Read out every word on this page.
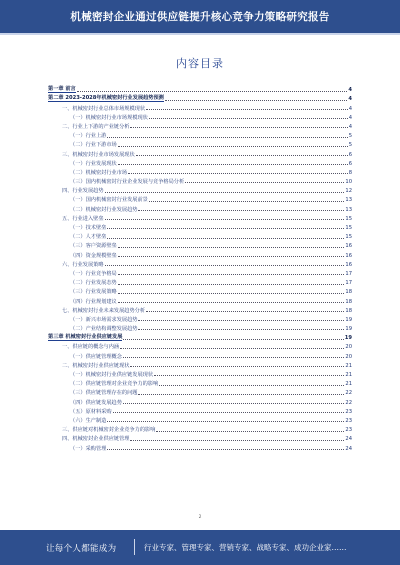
机械密封企业通过供应链提升核心竞争力策略研究报告
内容目录
第一章 前言	4
第二章 2023-2028年机械密封行业发展趋势预测	4
一、机械密封行业总体市场规模现状	4
（一）机械密封行业市场规模现状	4
二、行业上下游的产业链分析	4
（一）行业上游	5
（二）行业下游市场	5
三、机械密封行业市场发展现状	6
（一）行业发展现状	6
（二）机械密封行业市场	8
（三）国内机械密封行业企业发展与竞争格局分析	10
四、行业发展趋势	12
（一）国内机械密封行业发展前景	13
（二）机械密封行业发展趋势	13
五、行业进入壁垒	15
（一）技术壁垒	15
（二）人才壁垒	15
（三）客户资源壁垒	16
（四）资金规模壁垒	16
六、行业发展策略	16
（一）行业竞争格局	17
（二）行业发展态势	17
（三）行业发展策略	18
（四）行业规划建议	18
七、机械密封行业未来发展趋势分析	18
（一）新兴市场需求发展趋势	19
（二）产业结构调整发展趋势	19
第三章 机械密封行业供应链发展	19
一、供应链的概念与内涵	20
（一）供应链管理概念	20
二、机械密封行业供应链现状	21
（一）机械密封行业供应链发展现状	21
（二）供应链管理对企业竞争力的影响	21
（三）供应链管理存在的问题	22
（四）供应链发展趋势	22
（五）原材料采购	23
（六）生产制造	23
三、供应链对机械密封企业竞争力的影响	23
四、机械密封企业供应链管理	24
（一）采购管理	24
2
让每个人都能成为	行业专家、管理专家、营销专家、战略专家、成功企业家……
